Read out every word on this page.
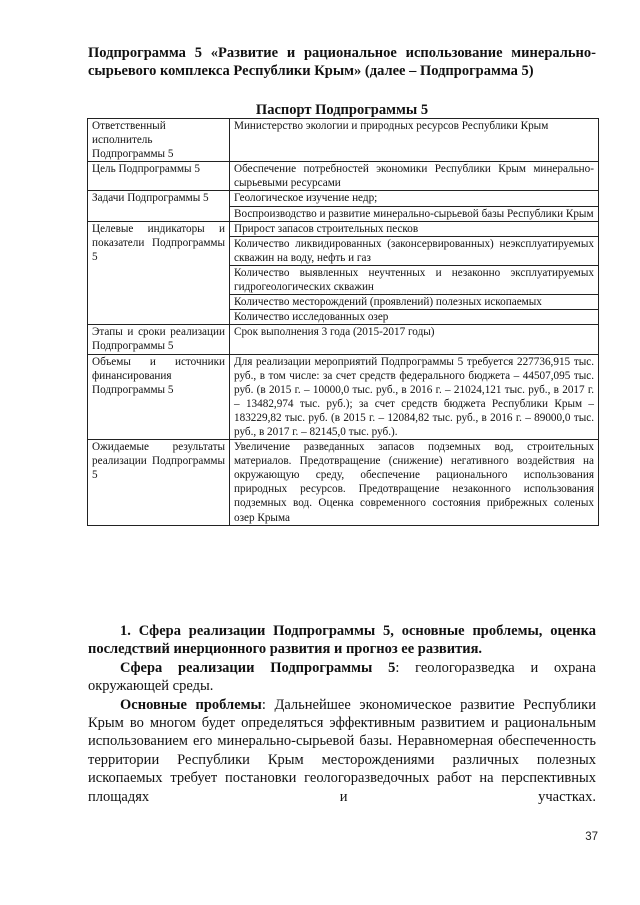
Подпрограмма 5 «Развитие и рациональное использование минерально-сырьевого комплекса Республики Крым» (далее – Подпрограмма 5)
Паспорт Подпрограммы 5
Ответственный исполнитель Подпрограммы 5	Министерство экологии и природных ресурсов Республики Крым
Цель Подпрограммы 5	Обеспечение потребностей экономики Республики Крым минерально-сырьевыми ресурсами
Задачи Подпрограммы 5	Геологическое изучение недр;
Воспроизводство и развитие минерально-сырьевой базы Республики Крым

Целевые индикаторы и показатели Подпрограммы 5	Прирост запасов строительных песков
Количество ликвидированных (законсервированных) неэксплуатируемых скважин на воду, нефть и газ
Количество выявленных неучтенных и незаконно эксплуатируемых гидрогеологических скважин
Количество месторождений (проявлений) полезных ископаемых
Количество исследованных озер

Этапы и сроки реализации Подпрограммы 5	Срок выполнения 3 года (2015-2017 годы)
Объемы и источники финансирования Подпрограммы 5	Для реализации мероприятий Подпрограммы 5 требуется 227736,915 тыс. руб., в том числе: за счет средств федерального бюджета – 44507,095 тыс. руб. (в 2015 г. – 10000,0 тыс. руб., в 2016 г. – 21024,121 тыс. руб., в 2017 г. – 13482,974 тыс. руб.); за счет средств бюджета Республики Крым – 183229,82 тыс. руб. (в 2015 г. – 12084,82 тыс. руб., в 2016 г. – 89000,0 тыс. руб., в 2017 г. – 82145,0 тыс. руб.).
Ожидаемые результаты реализации Подпрограммы 5	Увеличение разведанных запасов подземных вод, строительных материалов. Предотвращение (снижение) негативного воздействия на окружающую среду, обеспечение рационального использования природных ресурсов. Предотвращение незаконного использования подземных вод. Оценка современного состояния прибрежных соленых озер Крыма

1. Сфера реализации Подпрограммы 5, основные проблемы, оценка последствий инерционного развития и прогноз ее развития.

Сфера реализации Подпрограммы 5: геологоразведка и охрана окружающей среды.

Основные проблемы: Дальнейшее экономическое развитие Республики Крым во многом будет определяться эффективным развитием и рациональным использованием его минерально-сырьевой базы. Неравномерная обеспеченность территории Республики Крым месторождениями различных полезных ископаемых требует постановки геологоразведочных работ на перспективных площадях и участках.

37
